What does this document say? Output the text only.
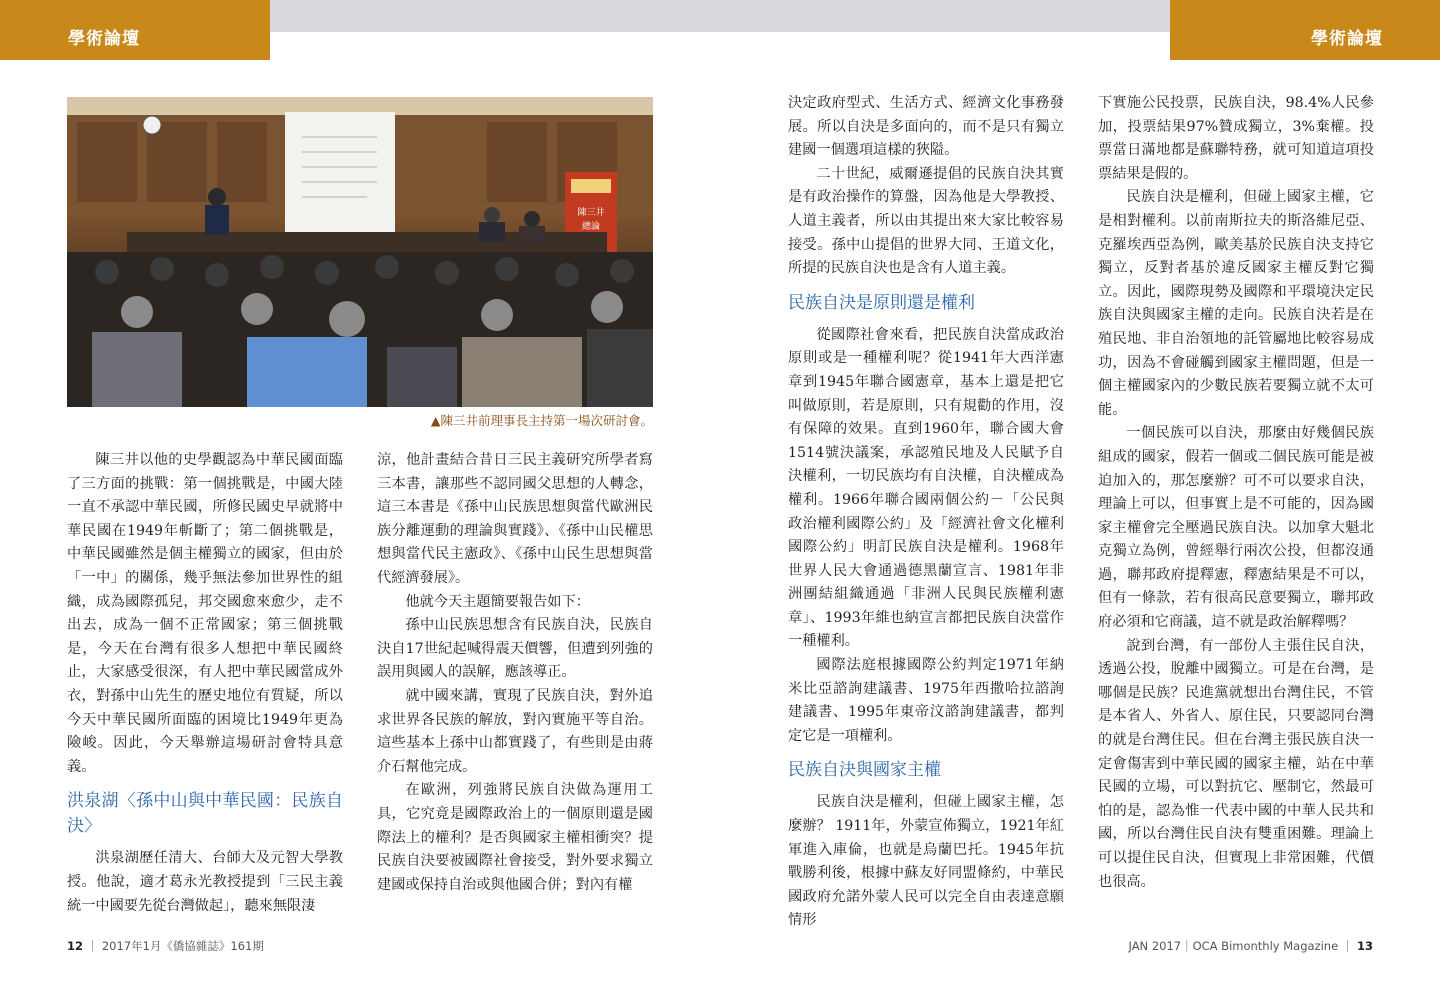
學術論壇	學術論壇
陳三井
總論
▲陳三井前理事長主持第一場次研討會。

陳三井以他的史學觀認為中華民國面臨了三方面的挑戰：第一個挑戰是，中國大陸一直不承認中華民國，所修民國史早就將中華民國在1949年斬斷了；第二個挑戰是，中華民國雖然是個主權獨立的國家，但由於「一中」的關係，幾乎無法參加世界性的組織，成為國際孤兒，邦交國愈來愈少，走不出去，成為一個不正常國家；第三個挑戰是，今天在台灣有很多人想把中華民國終止，大家感受很深，有人把中華民國當成外衣，對孫中山先生的歷史地位有質疑，所以今天中華民國所面臨的困境比1949年更為險峻。因此，今天舉辦這場研討會特具意義。

洪泉湖〈孫中山與中華民國：民族自決〉

洪泉湖歷任清大、台師大及元智大學教授。他說，適才葛永光教授提到「三民主義統一中國要先從台灣做起」，聽來無限淒

涼，他計畫結合昔日三民主義研究所學者寫三本書，讓那些不認同國父思想的人轉念，這三本書是《孫中山民族思想與當代歐洲民族分離運動的理論與實踐》、《孫中山民權思想與當代民主憲政》、《孫中山民生思想與當代經濟發展》。

他就今天主題簡要報告如下：

孫中山民族思想含有民族自決，民族自決自17世紀起喊得震天價響，但遭到列強的誤用與國人的誤解，應該導正。

就中國來講，實現了民族自決，對外追求世界各民族的解放，對內實施平等自治。這些基本上孫中山都實踐了，有些則是由蔣介石幫他完成。

在歐洲，列強將民族自決做為運用工具，它究竟是國際政治上的一個原則還是國際法上的權利？是否與國家主權相衝突？提民族自決要被國際社會接受，對外要求獨立建國或保持自治或與他國合併；對內有權

決定政府型式、生活方式、經濟文化事務發展。所以自決是多面向的，而不是只有獨立建國一個選項這樣的狹隘。

二十世紀，威爾遜提倡的民族自決其實是有政治操作的算盤，因為他是大學教授、人道主義者，所以由其提出來大家比較容易接受。孫中山提倡的世界大同、王道文化，所提的民族自決也是含有人道主義。

民族自決是原則還是權利

從國際社會來看，把民族自決當成政治原則或是一種權利呢？從1941年大西洋憲章到1945年聯合國憲章，基本上還是把它叫做原則，若是原則，只有規勸的作用，沒有保障的效果。直到1960年，聯合國大會1514號決議案，承認殖民地及人民賦予自決權利，一切民族均有自決權，自決權成為權利。1966年聯合國兩個公約－「公民與政治權利國際公約」及「經濟社會文化權利國際公約」明訂民族自決是權利。1968年世界人民大會通過德黑蘭宣言、1981年非洲團結組織通過「非洲人民與民族權利憲章」、1993年維也納宣言都把民族自決當作一種權利。

國際法庭根據國際公約判定1971年納米比亞諮詢建議書、1975年西撒哈拉諮詢建議書、1995年東帝汶諮詢建議書，都判定它是一項權利。

民族自決與國家主權

民族自決是權利，但碰上國家主權，怎麼辦？ 1911年，外蒙宣佈獨立，1921年紅軍進入庫倫，也就是烏蘭巴托。1945年抗戰勝利後，根據中蘇友好同盟條約，中華民國政府允諾外蒙人民可以完全自由表達意願情形

下實施公民投票，民族自決，98.4%人民參加，投票結果97%贊成獨立，3%棄權。投票當日滿地都是蘇聯特務，就可知道這項投票結果是假的。

民族自決是權利，但碰上國家主權，它是相對權利。以前南斯拉夫的斯洛維尼亞、克羅埃西亞為例，歐美基於民族自決支持它獨立，反對者基於違反國家主權反對它獨立。因此，國際現勢及國際和平環境決定民族自決與國家主權的走向。民族自決若是在殖民地、非自治領地的託管屬地比較容易成功，因為不會碰觸到國家主權問題，但是一個主權國家內的少數民族若要獨立就不太可能。

一個民族可以自決，那麼由好幾個民族組成的國家，假若一個或二個民族可能是被迫加入的，那怎麼辦？可不可以要求自決，理論上可以，但事實上是不可能的，因為國家主權會完全壓過民族自決。以加拿大魁北克獨立為例，曾經舉行兩次公投，但都沒通過，聯邦政府提釋憲，釋憲結果是不可以，但有一條款，若有很高民意要獨立，聯邦政府必須和它商議，這不就是政治解釋嗎？

說到台灣，有一部份人主張住民自決，透過公投，脫離中國獨立。可是在台灣，是哪個是民族？民進黨就想出台灣住民，不管是本省人、外省人、原住民，只要認同台灣的就是台灣住民。但在台灣主張民族自決一定會傷害到中華民國的國家主權，站在中華民國的立場，可以對抗它、壓制它，然最可怕的是，認為惟一代表中國的中華人民共和國，所以台灣住民自決有雙重困難。理論上可以提住民自決，但實現上非常困難，代價也很高。

12 ｜ 2017年1月《僑協雜誌》161期	JAN 2017｜OCA Bimonthly Magazine ｜ 13
